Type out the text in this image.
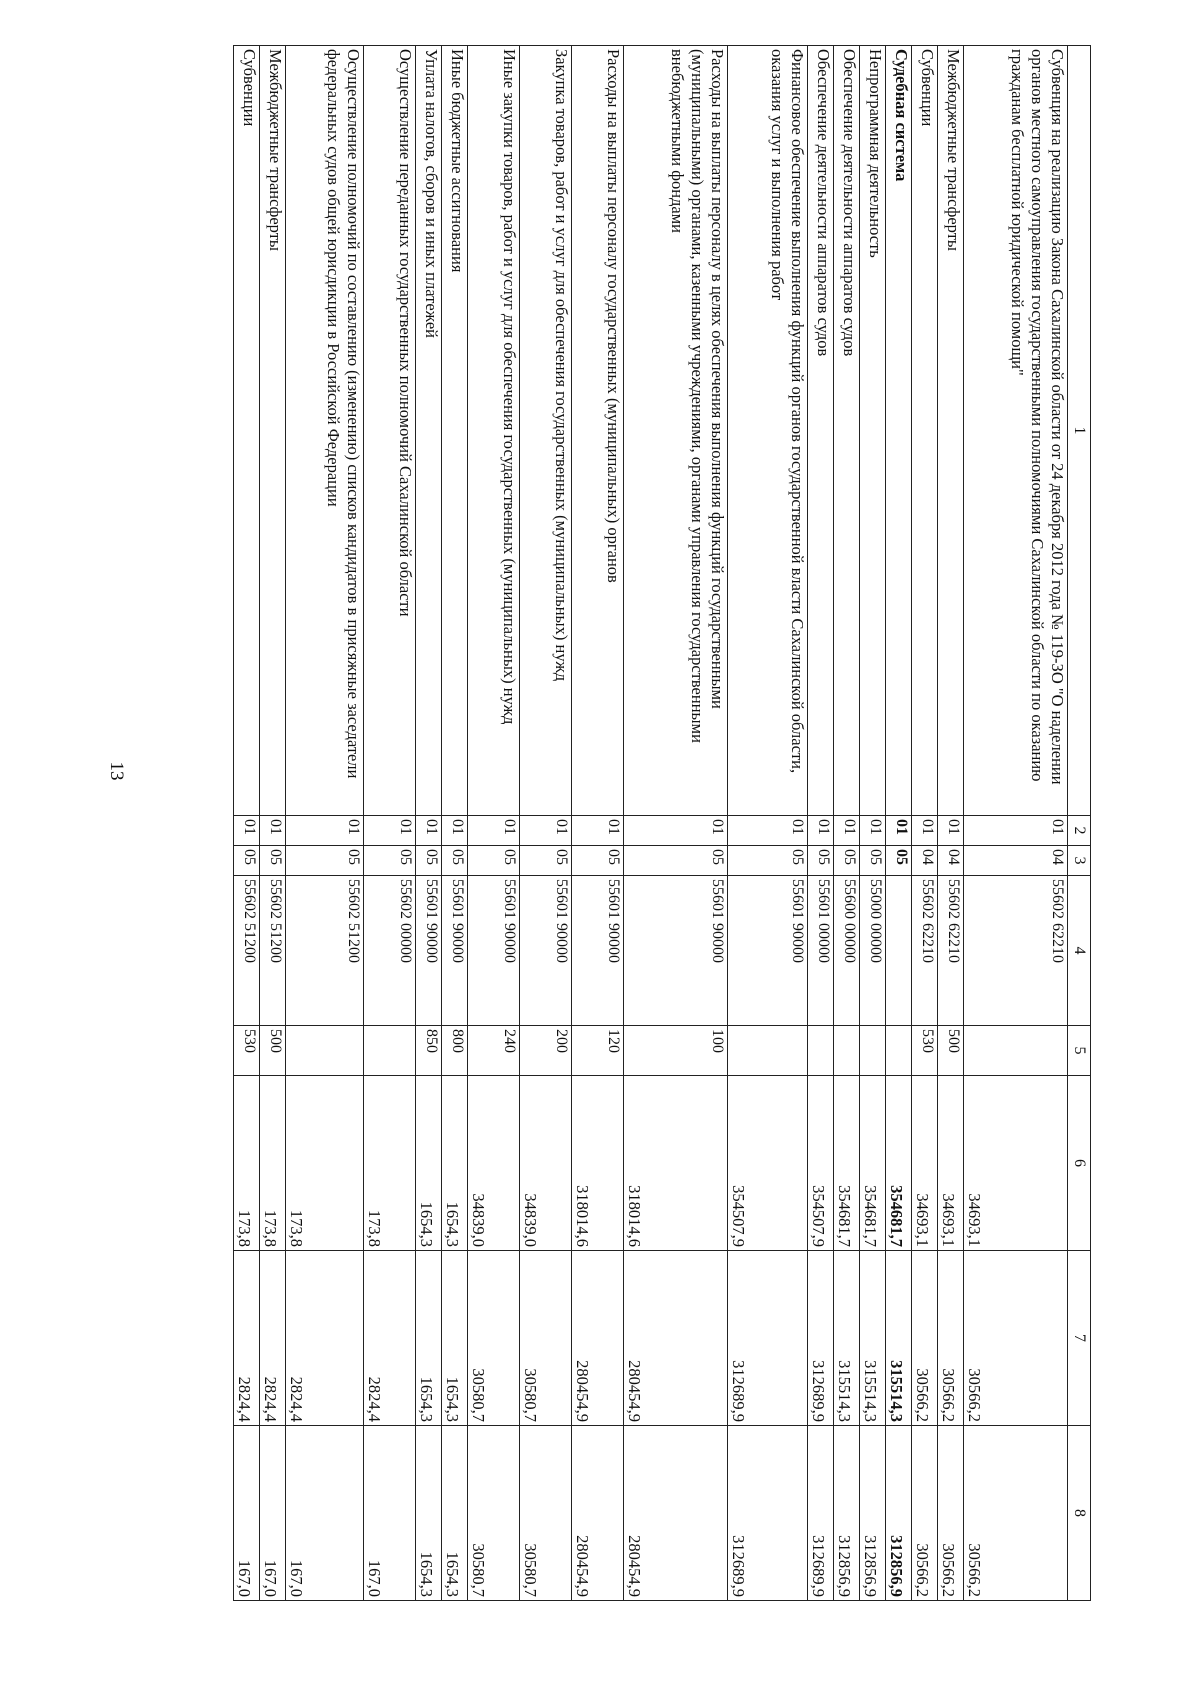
13
1	2	3	4	5	6	7	8
Субвенция на реализацию Закона Сахалинской области от 24 декабря 2012 года № 119-ЗО "О наделении органов местного самоуправления государственными полномочиями Сахалинской области по оказанию гражданам бесплатной юридической помощи"	01	04	55602 62210		34693,1	30566,2	30566,2
Межбюджетные трансферты	01	04	55602 62210	500	34693,1	30566,2	30566,2
Субвенции	01	04	55602 62210	530	34693,1	30566,2	30566,2
Судебная система	01	05			354681,7	315514,3	312856,9
Непрограммная деятельность	01	05	55000 00000		354681,7	315514,3	312856,9
Обеспечение деятельности аппаратов судов	01	05	55600 00000		354681,7	315514,3	312856,9
Обеспечение деятельности аппаратов судов	01	05	55601 00000		354507,9	312689,9	312689,9
Финансовое обеспечение выполнения функций органов государственной власти Сахалинской области, оказания услуг и выполнения работ	01	05	55601 90000		354507,9	312689,9	312689,9
Расходы на выплаты персоналу в целях обеспечения выполнения функций государственными (муниципальными) органами, казенными учреждениями, органами управления государственными внебюджетными фондами	01	05	55601 90000	100	318014,6	280454,9	280454,9
Расходы на выплаты персоналу государственных (муниципальных) органов	01	05	55601 90000	120	318014,6	280454,9	280454,9
Закупка товаров, работ и услуг для обеспечения государственных (муниципальных) нужд	01	05	55601 90000	200	34839,0	30580,7	30580,7
Иные закупки товаров, работ и услуг для обеспечения государственных (муниципальных) нужд	01	05	55601 90000	240	34839,0	30580,7	30580,7
Иные бюджетные ассигнования	01	05	55601 90000	800	1654,3	1654,3	1654,3
Уплата налогов, сборов и иных платежей	01	05	55601 90000	850	1654,3	1654,3	1654,3
Осуществление переданных государственных полномочий Сахалинской области	01	05	55602 00000		173,8	2824,4	167,0
Осуществление полномочий по составлению (изменению) списков кандидатов в присяжные заседатели федеральных судов общей юрисдикции в Российской Федерации	01	05	55602 51200		173,8	2824,4	167,0
Межбюджетные трансферты	01	05	55602 51200	500	173,8	2824,4	167,0
Субвенции	01	05	55602 51200	530	173,8	2824,4	167,0
